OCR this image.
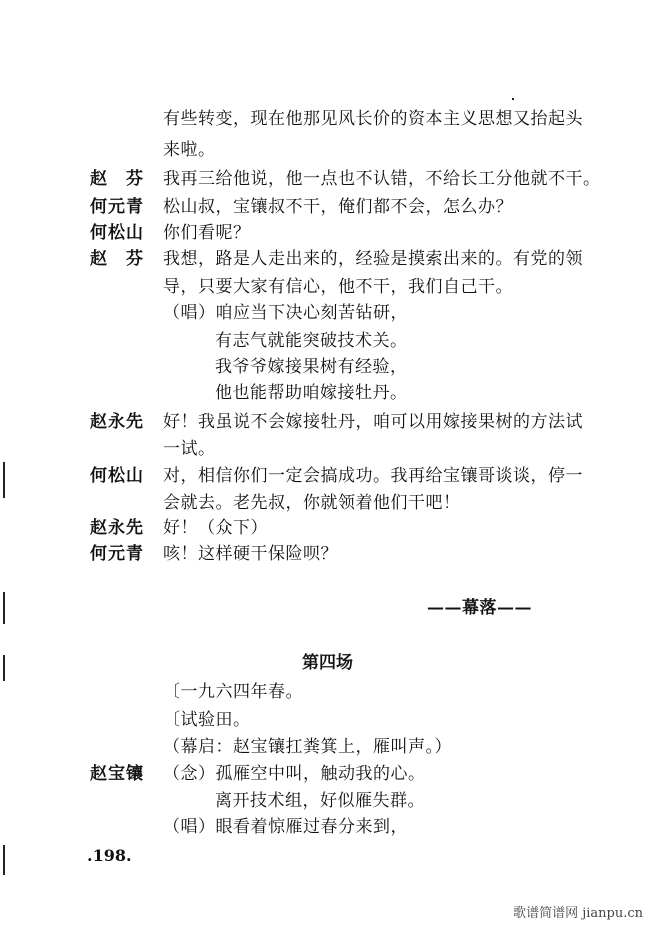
有些转变，现在他那见风长价的资本主义思想又抬起头
来啦。
赵　芬 我再三给他说，他一点也不认错，不给长工分他就不干。
何元青 松山叔，宝镶叔不干，俺们都不会，怎么办？
何松山 你们看呢？
赵　芬 我想，路是人走出来的，经验是摸索出来的。有党的领
导，只要大家有信心，他不干，我们自己干。
（唱）咱应当下决心刻苦钻研，
有志气就能突破技术关。
我爷爷嫁接果树有经验，
他也能帮助咱嫁接牡丹。
赵永先 好！我虽说不会嫁接牡丹，咱可以用嫁接果树的方法试
一试。
何松山 对，相信你们一定会搞成功。我再给宝镶哥谈谈，停一
会就去。老先叔，你就领着他们干吧！
赵永先 好！（众下）
何元青 咳！这样硬干保险呗？
——幕落——
第四场
〔一九六四年春。
〔试验田。
（幕启：赵宝镶扛粪箕上，雁叫声。）
赵宝镶 （念）孤雁空中叫，触动我的心。
离开技术组，好似雁失群。
（唱）眼看着惊雁过春分来到，
.198.
歌谱简谱网 jianpu.cn
